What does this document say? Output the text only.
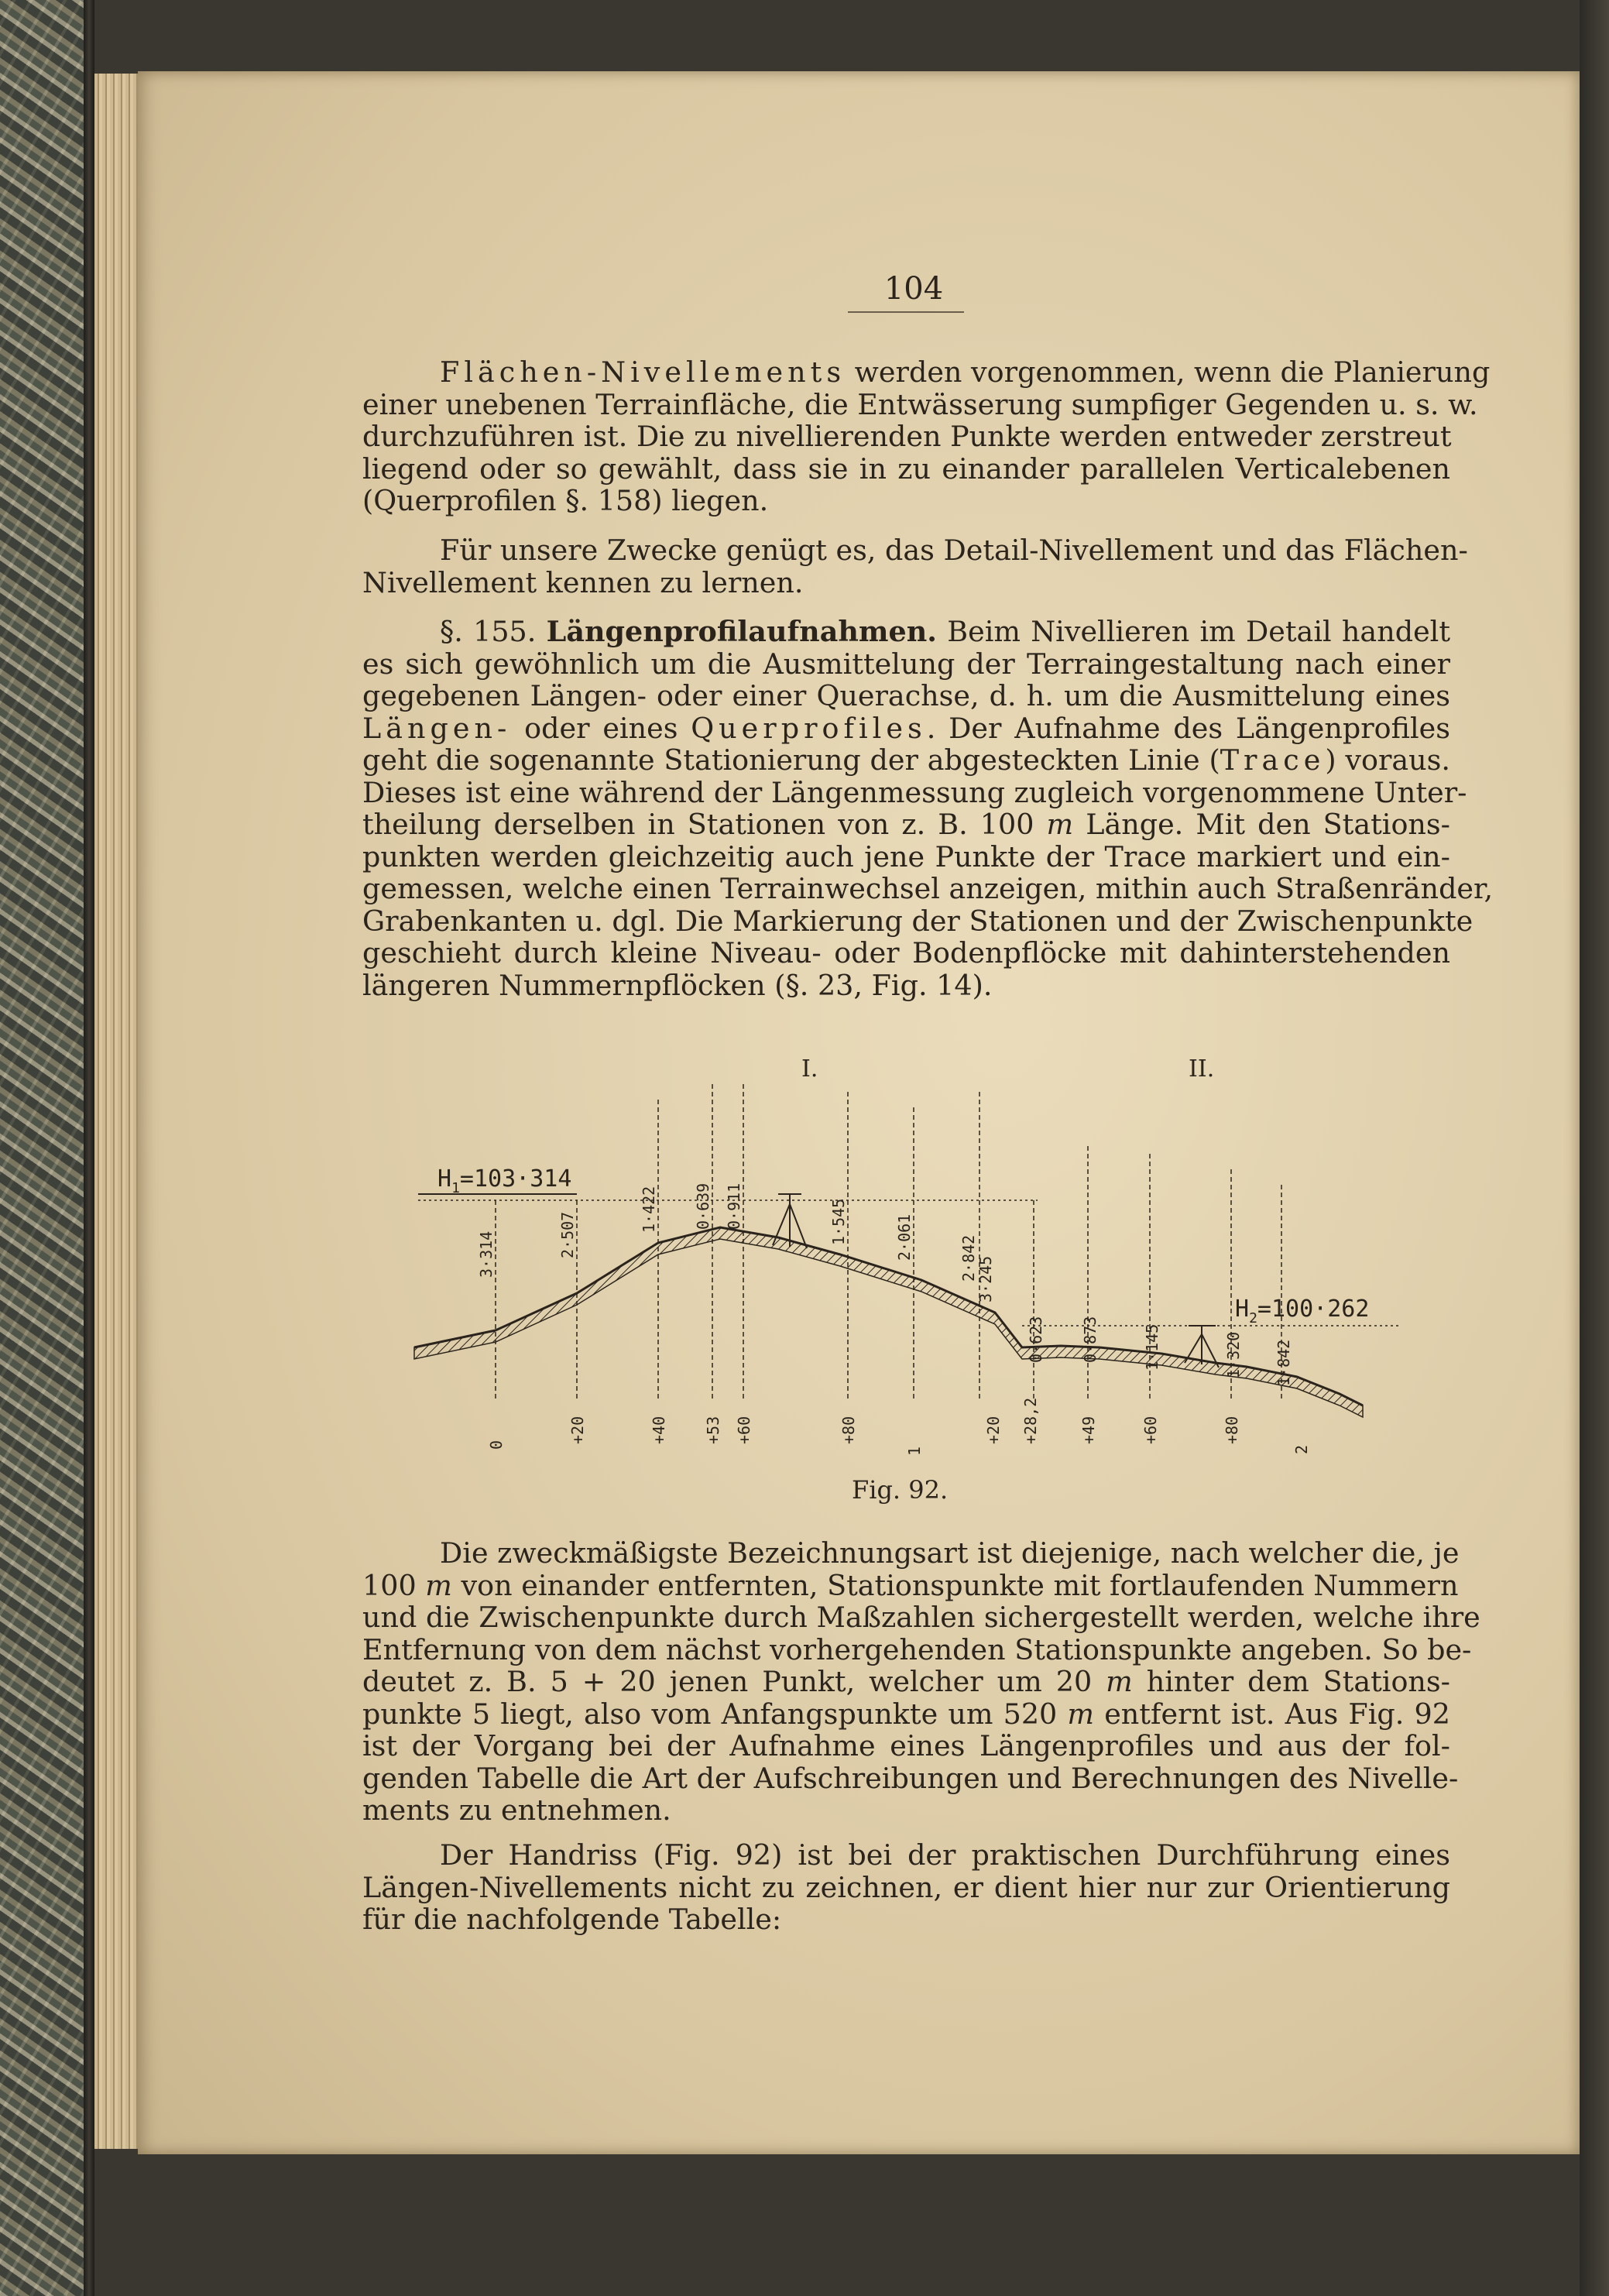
104
Flächen-Nivellements werden vorgenommen, wenn die Planierung
einer unebenen Terrainfläche, die Entwässerung sumpfiger Gegenden u. s. w.
durchzuführen ist. Die zu nivellierenden Punkte werden entweder zerstreut
liegend oder so gewählt, dass sie in zu einander parallelen Verticalebenen
(Querprofilen §. 158) liegen.
Für unsere Zwecke genügt es, das Detail-Nivellement und das Flächen-
Nivellement kennen zu lernen.
§. 155. Längenprofilaufnahmen. Beim Nivellieren im Detail handelt
es sich gewöhnlich um die Ausmittelung der Terraingestaltung nach einer
gegebenen Längen- oder einer Querachse, d. h. um die Ausmittelung eines
Längen- oder eines Querprofiles. Der Aufnahme des Längenprofiles
geht die sogenannte Stationierung der abgesteckten Linie (Trace) voraus.
Dieses ist eine während der Längenmessung zugleich vorgenommene Unter-
theilung derselben in Stationen von z. B. 100 m Länge. Mit den Stations-
punkten werden gleichzeitig auch jene Punkte der Trace markiert und ein-
gemessen, welche einen Terrainwechsel anzeigen, mithin auch Straßenränder,
Grabenkanten u. dgl. Die Markierung der Stationen und der Zwischenpunkte
geschieht durch kleine Niveau- oder Bodenpflöcke mit dahinterstehenden
längeren Nummernpflöcken (§. 23, Fig. 14).
I.	II.
$H_1=103\cdot 314$
$H_2=100\cdot 262$
3·314	2·507
1·422 0·639 0·911	1·545	2·061	2·842
3·245
0·623 0·873	1·145	1·320 1·842
0
+20	+40 +53 +60	+80
1
+20 +28,2	+49	+60	+80
2
Fig. 92.
Die zweckmäßigste Bezeichnungsart ist diejenige, nach welcher die, je
100 m von einander entfernten, Stationspunkte mit fortlaufenden Nummern
und die Zwischenpunkte durch Maßzahlen sichergestellt werden, welche ihre
Entfernung von dem nächst vorhergehenden Stationspunkte angeben. So be-
deutet z. B. 5 + 20 jenen Punkt, welcher um 20 m hinter dem Stations-
punkte 5 liegt, also vom Anfangspunkte um 520 m entfernt ist. Aus Fig. 92
ist der Vorgang bei der Aufnahme eines Längenprofiles und aus der fol-
genden Tabelle die Art der Aufschreibungen und Berechnungen des Nivelle-
ments zu entnehmen.
Der Handriss (Fig. 92) ist bei der praktischen Durchführung eines
Längen-Nivellements nicht zu zeichnen, er dient hier nur zur Orientierung
für die nachfolgende Tabelle:
